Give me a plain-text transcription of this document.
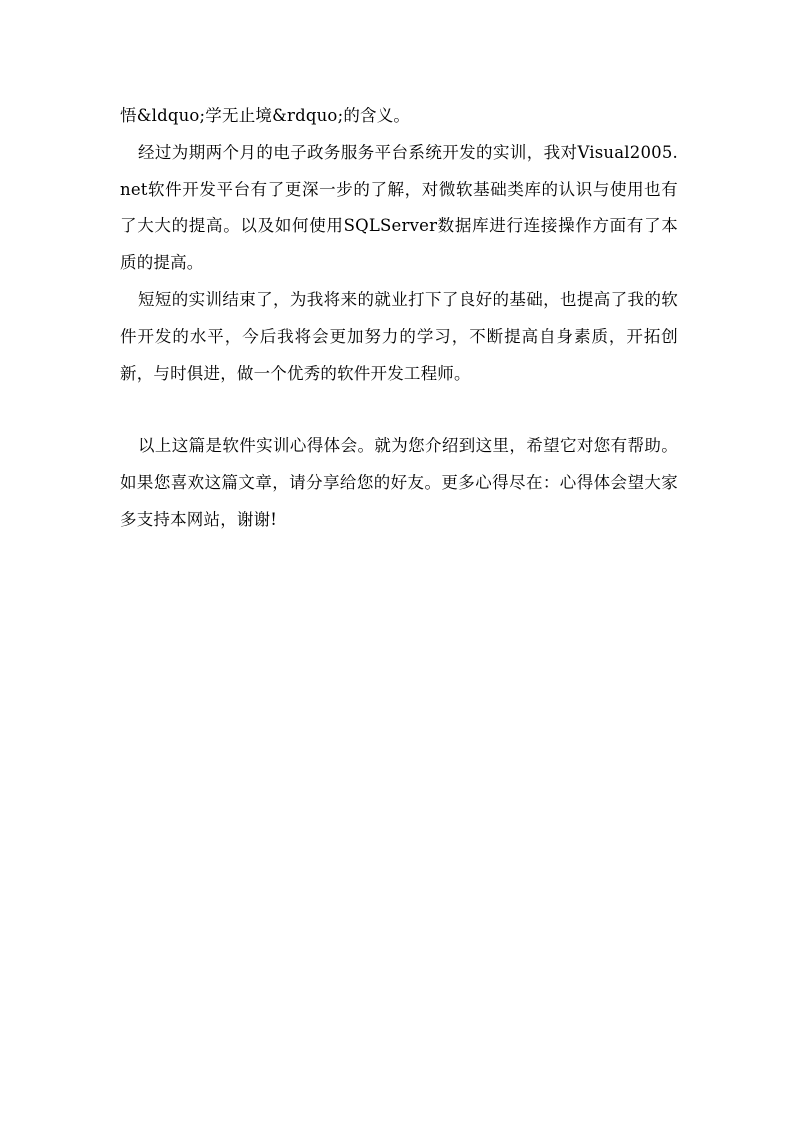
悟&ldquo;学无止境&rdquo;的含义。

经过为期两个月的电子政务服务平台系统开发的实训，我对Visual2005. net软件开发平台有了更深一步的了解，对微软基础类库的认识与使用也有了大大的提高。以及如何使用SQLServer数据库进行连接操作方面有了本质的提高。

短短的实训结束了，为我将来的就业打下了良好的基础，也提高了我的软件开发的水平，今后我将会更加努力的学习，不断提高自身素质，开拓创新，与时俱进，做一个优秀的软件开发工程师。

以上这篇是软件实训心得体会。就为您介绍到这里，希望它对您有帮助。如果您喜欢这篇文章，请分享给您的好友。更多心得尽在：心得体会望大家多支持本网站，谢谢!
